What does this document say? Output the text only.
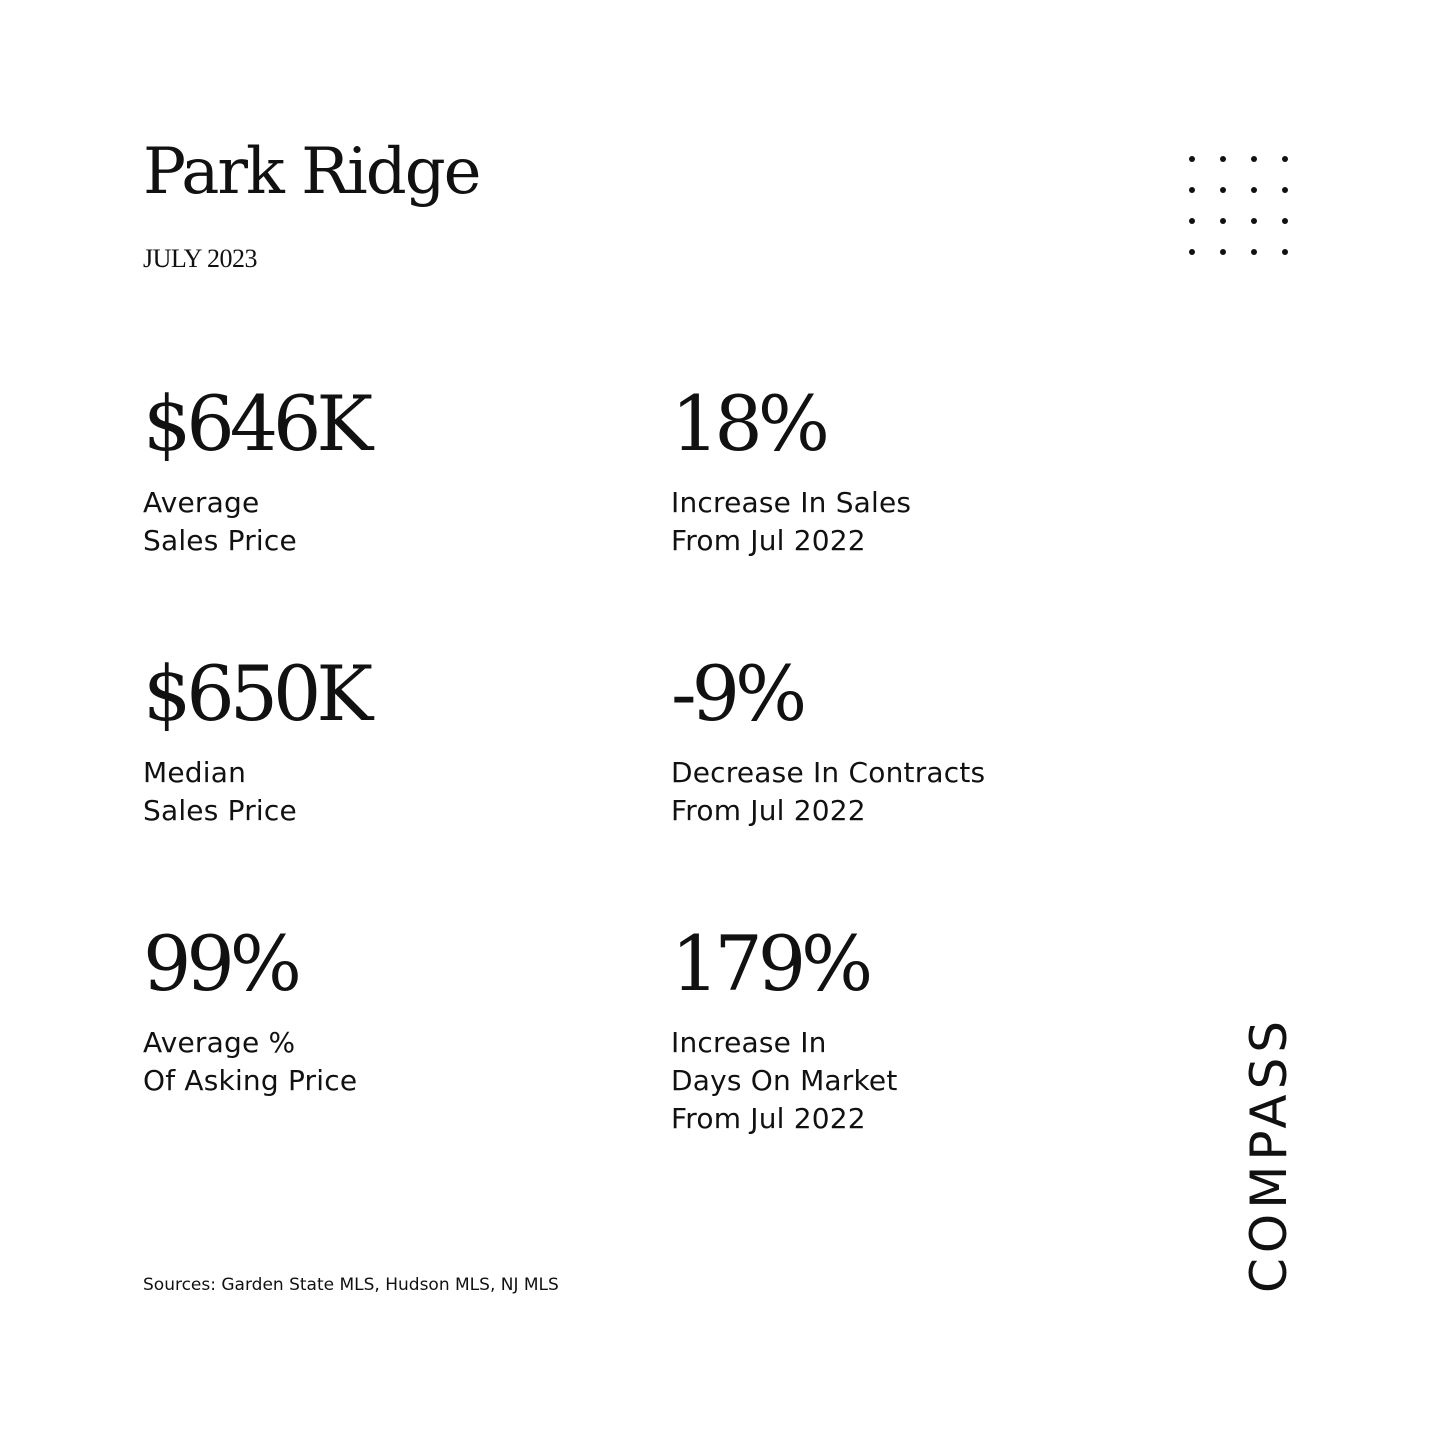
Park Ridge
JULY 2023
$646K
Average
Sales Price
18%
Increase In Sales
From Jul 2022
$650K
Median
Sales Price
-9%
Decrease In Contracts
From Jul 2022
99%
Average %
Of Asking Price
179%
Increase In
Days On Market
From Jul 2022
Sources: Garden State MLS, Hudson MLS, NJ MLS	COMPASS
